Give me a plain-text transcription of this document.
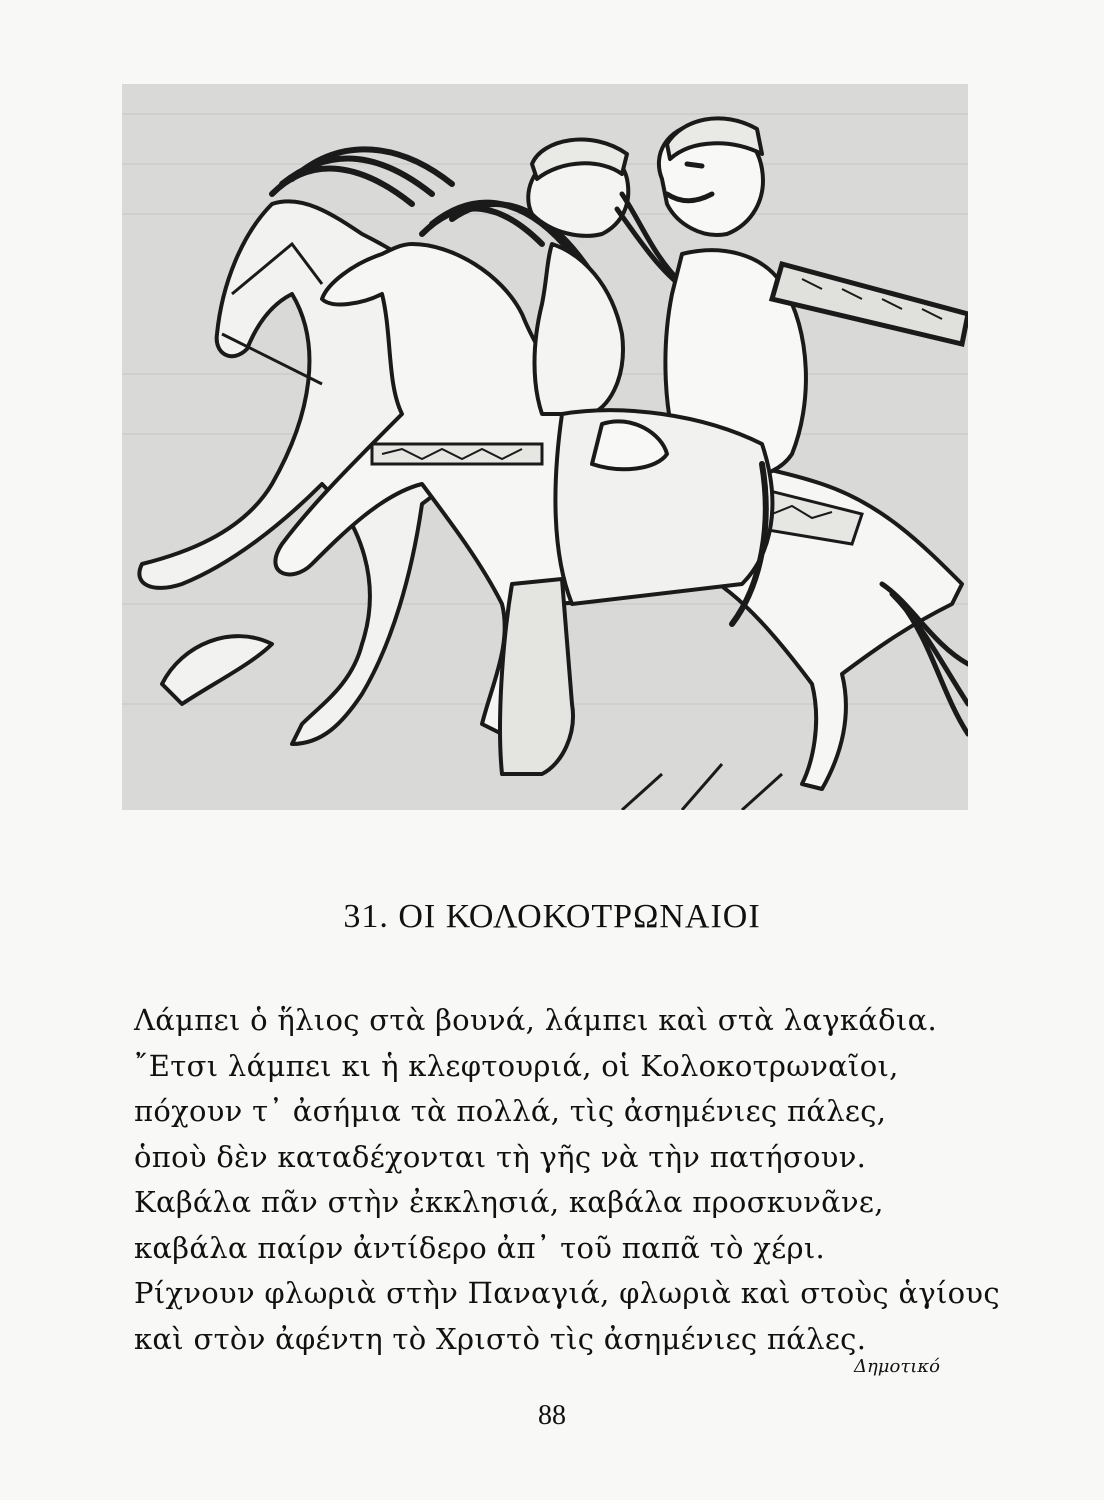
31. ΟΙ ΚΟΛΟΚΟΤΡΩΝΑΙΟΙ
Λάμπει ὁ ἥλιος στὰ βουνά, λάμπει καὶ στὰ λαγκάδια.
῎Ετσι λάμπει κι ἡ κλεφτουριά, οἱ Κολοκοτρωναῖοι,
πόχουν τ᾿ ἀσήμια τὰ πολλά, τὶς ἀσημένιες πάλες,
ὁποὺ δὲν καταδέχονται τὴ γῆς νὰ τὴν πατήσουν.
Καβάλα πᾶν στὴν ἐκκλησιά, καβάλα προσκυνᾶνε,
καβάλα παίρν ἀντίδερο ἀπ᾿ τοῦ παπᾶ τὸ χέρι.
Ρίχνουν φλωριὰ στὴν Παναγιά, φλωριὰ καὶ στοὺς ἁγίους
καὶ στὸν ἀφέντη τὸ Χριστὸ τὶς ἀσημένιες πάλες.
Δημοτικό
88
